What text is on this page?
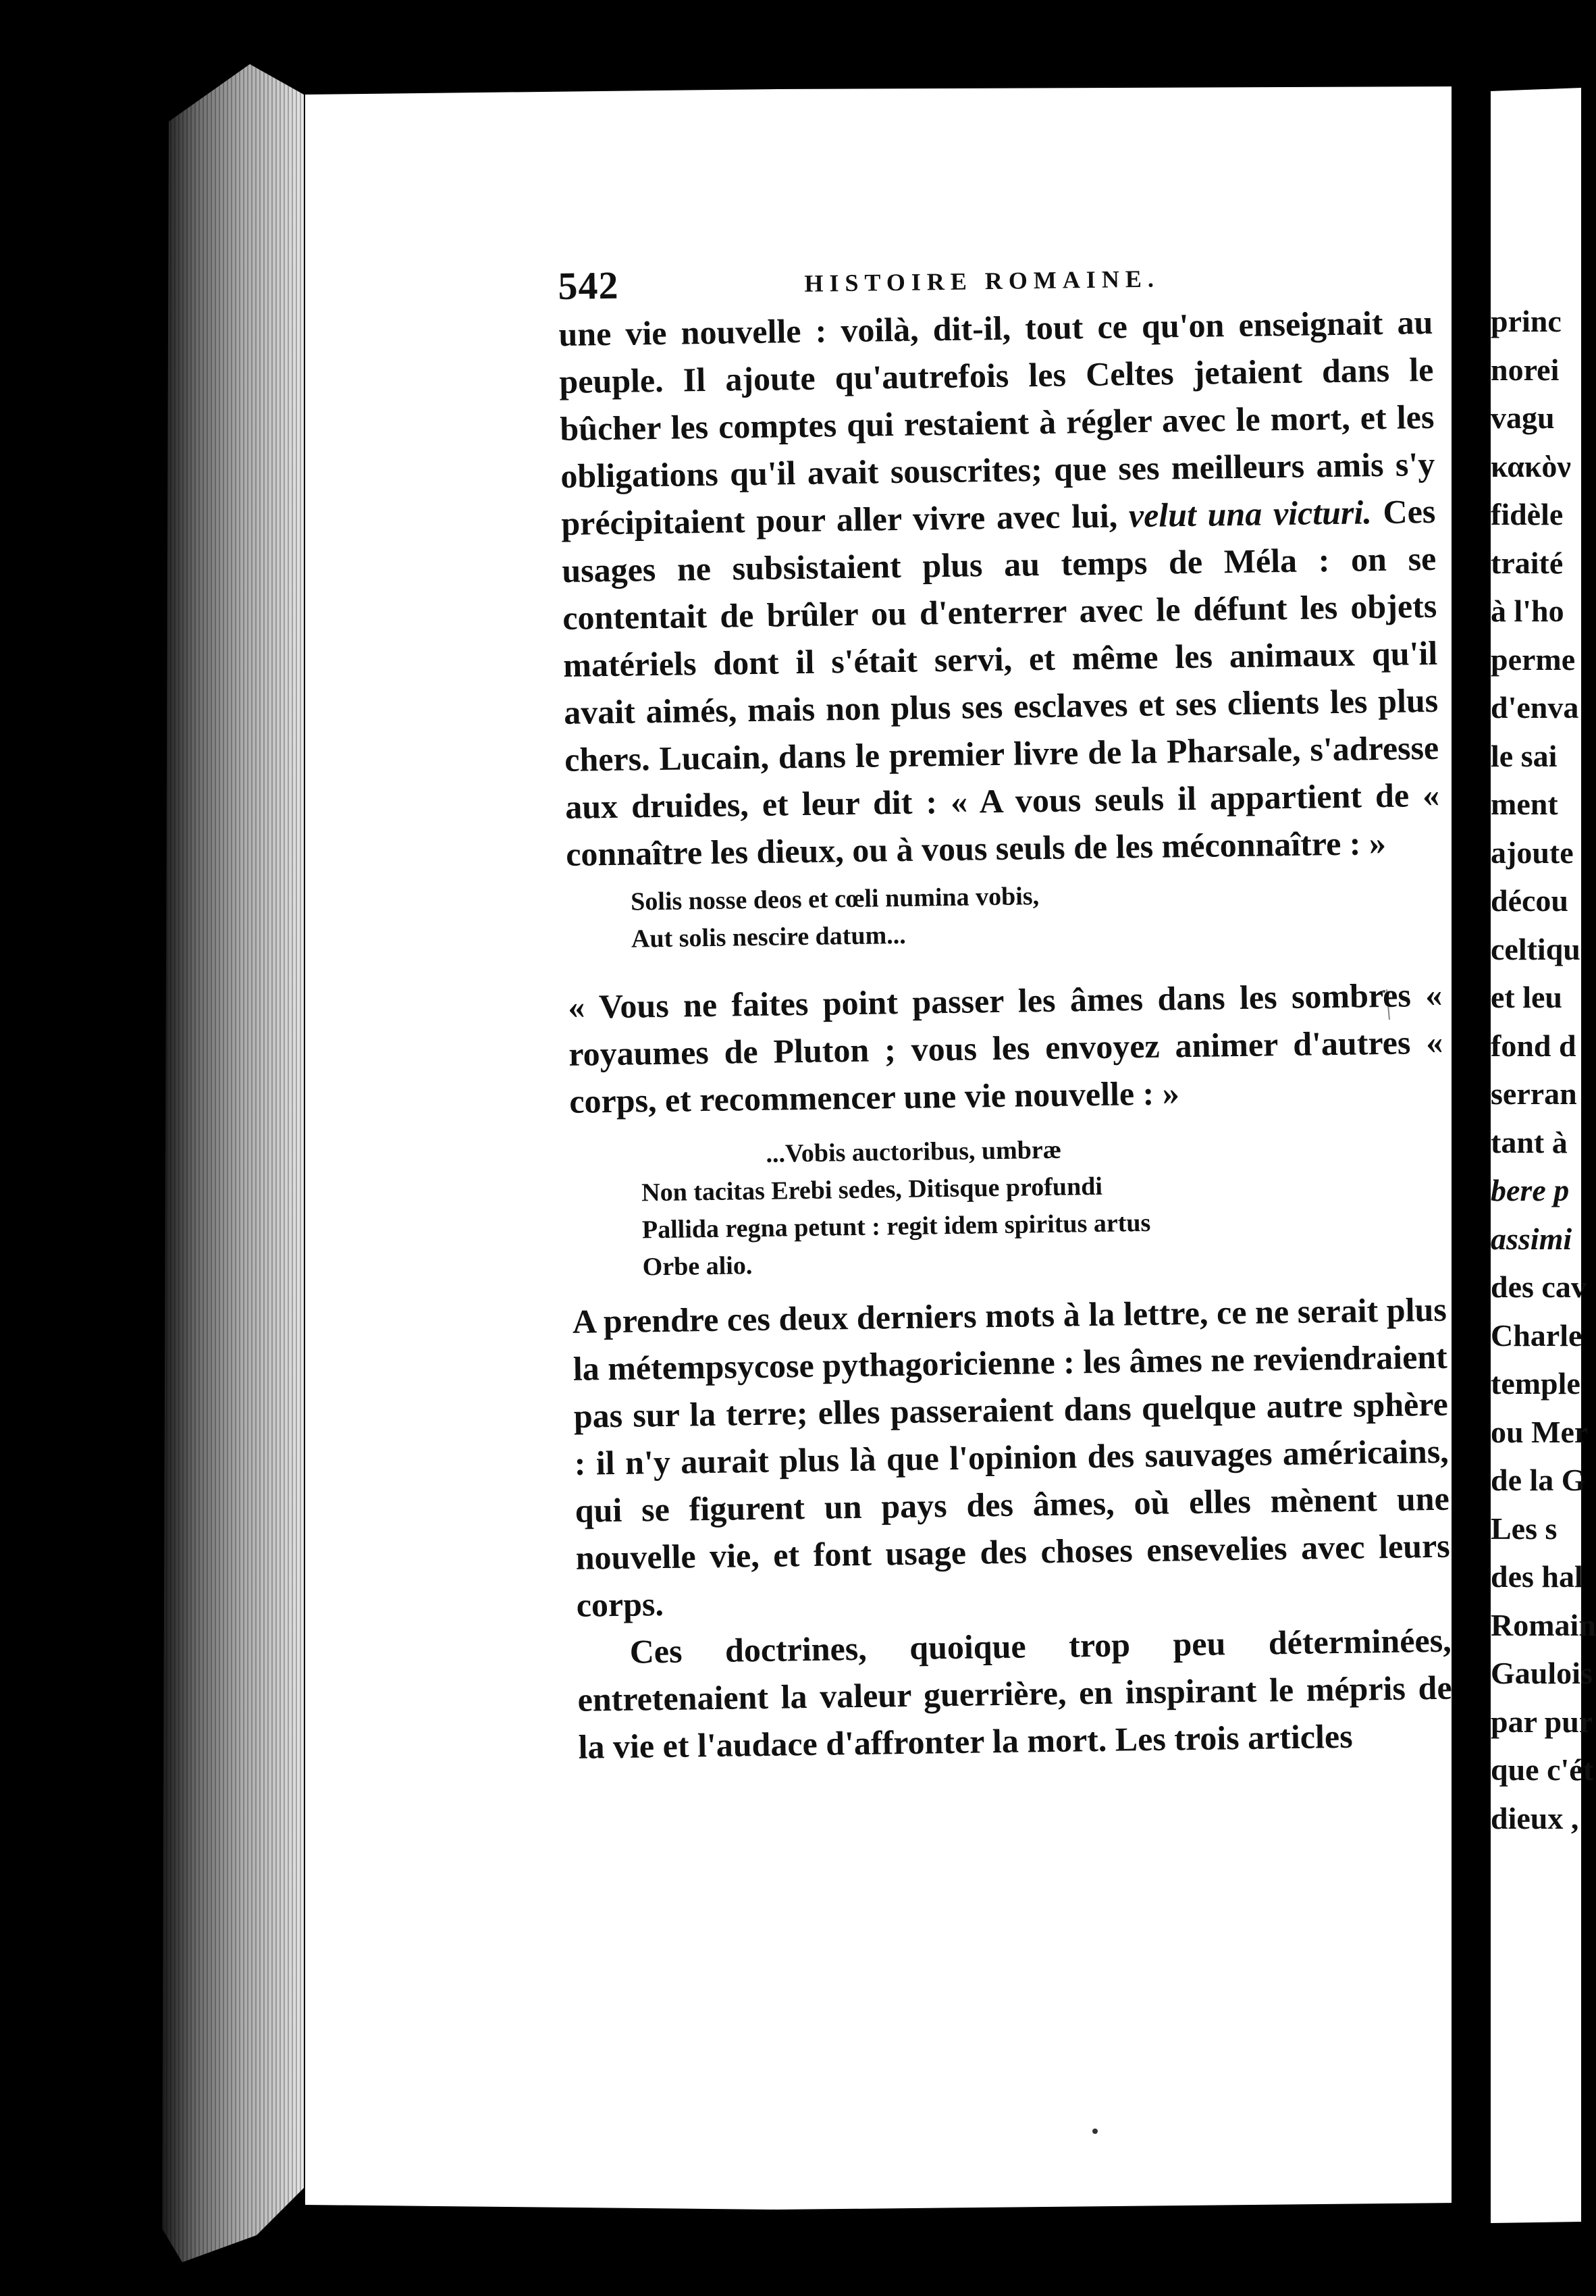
542	HISTOIRE ROMAINE.

une vie nouvelle : voilà, dit-il, tout ce qu'on enseignait au peuple. Il ajoute qu'autrefois les Celtes jetaient dans le bûcher les comptes qui restaient à régler avec le mort, et les obligations qu'il avait souscrites; que ses meilleurs amis s'y précipitaient pour aller vivre avec lui, velut una victuri. Ces usages ne subsistaient plus au temps de Méla : on se contentait de brûler ou d'enterrer avec le défunt les objets matériels dont il s'était servi, et même les animaux qu'il avait aimés, mais non plus ses esclaves et ses clients les plus chers. Lucain, dans le premier livre de la Pharsale, s'adresse aux druides, et leur dit : « A vous seuls il appartient de « connaître les dieux, ou à vous seuls de les méconnaître : »

Solis nosse deos et cœli numina vobis,
Aut solis nescire datum...

« Vous ne faites point passer les âmes dans les sombres « royaumes de Pluton ; vous les envoyez animer d'autres « corps, et recommencer une vie nouvelle : »

...Vobis auctoribus, umbræ
Non tacitas Erebi sedes, Ditisque profundi
Pallida regna petunt : regit idem spiritus artus
Orbe alio.

A prendre ces deux derniers mots à la lettre, ce ne serait plus la métempsycose pythagoricienne : les âmes ne reviendraient pas sur la terre; elles passeraient dans quelque autre sphère : il n'y aurait plus là que l'opinion des sauvages américains, qui se figurent un pays des âmes, où elles mènent une nouvelle vie, et font usage des choses ensevelies avec leurs corps.

Ces doctrines, quoique trop peu déterminées, entretenaient la valeur guerrière, en inspirant le mépris de la vie et l'audace d'affronter la mort. Les trois articles

princ
norei
vagu
κακὸν
fidèle
traité
à l'ho
perme
d'enva
le sai
ment
ajoute
décou
celtiqu
et leu
fond d
serran
tant à
bere p
assimi
des cav
Charle
temple
ou Mer
de la G
Les s
des hal
Romain
Gaulois
par pur
que c'ét
dieux ,
